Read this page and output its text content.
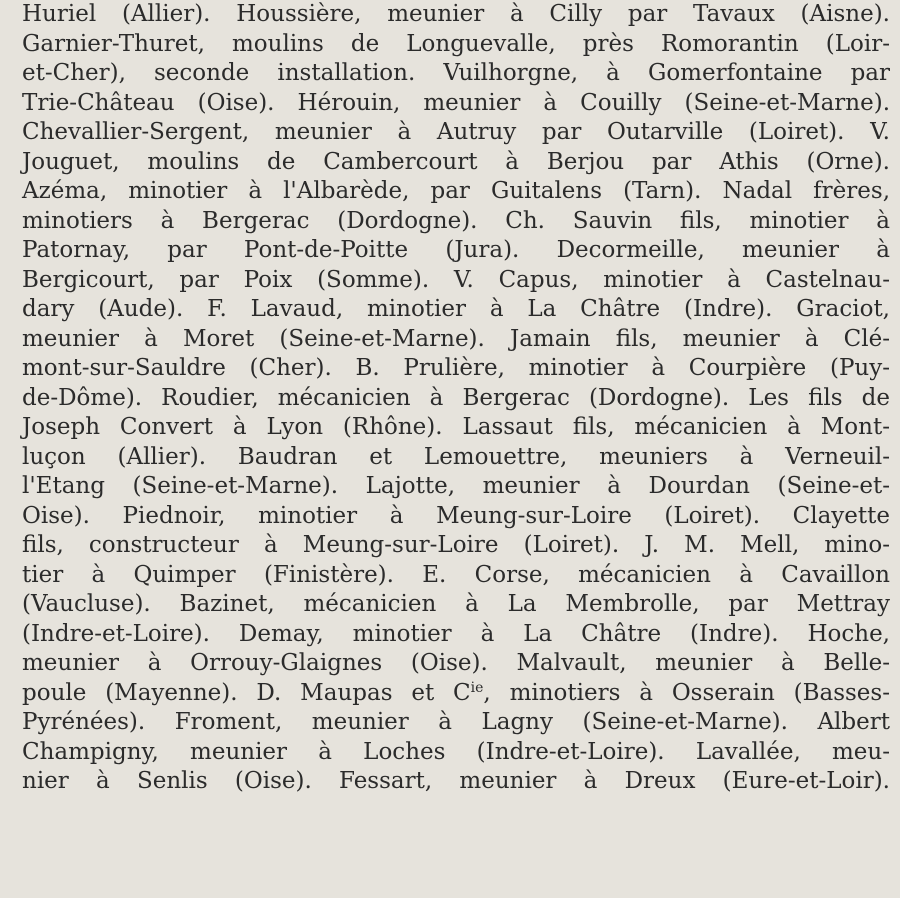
Huriel (Allier). Houssière, meunier à Cilly par Tavaux (Aisne).
Garnier-Thuret, moulins de Longuevalle, près Romorantin (Loir-
et-Cher), seconde installation. Vuilhorgne, à Gomerfontaine par
Trie-Château (Oise). Hérouin, meunier à Couilly (Seine-et-Marne).
Chevallier-Sergent, meunier à Autruy par Outarville (Loiret). V.
Jouguet, moulins de Cambercourt à Berjou par Athis (Orne).
Azéma, minotier à l'Albarède, par Guitalens (Tarn). Nadal frères,
minotiers à Bergerac (Dordogne). Ch. Sauvin fils, minotier à
Patornay, par Pont-de-Poitte (Jura). Decormeille, meunier à
Bergicourt, par Poix (Somme). V. Capus, minotier à Castelnau-
dary (Aude). F. Lavaud, minotier à La Châtre (Indre). Graciot,
meunier à Moret (Seine-et-Marne). Jamain fils, meunier à Clé-
mont-sur-Sauldre (Cher). B. Prulière, minotier à Courpière (Puy-
de-Dôme). Roudier, mécanicien à Bergerac (Dordogne). Les fils de
Joseph Convert à Lyon (Rhône). Lassaut fils, mécanicien à Mont-
luçon (Allier). Baudran et Lemouettre, meuniers à Verneuil-
l'Etang (Seine-et-Marne). Lajotte, meunier à Dourdan (Seine-et-
Oise). Piednoir, minotier à Meung-sur-Loire (Loiret). Clayette
fils, constructeur à Meung-sur-Loire (Loiret). J. M. Mell, mino-
tier à Quimper (Finistère). E. Corse, mécanicien à Cavaillon
(Vaucluse). Bazinet, mécanicien à La Membrolle, par Mettray
(Indre-et-Loire). Demay, minotier à La Châtre (Indre). Hoche,
meunier à Orrouy-Glaignes (Oise). Malvault, meunier à Belle-
poule (Mayenne). D. Maupas et $C^{ie}$, minotiers à Osserain (Basses-
Pyrénées). Froment, meunier à Lagny (Seine-et-Marne). Albert
Champigny, meunier à Loches (Indre-et-Loire). Lavallée, meu-
nier à Senlis (Oise). Fessart, meunier à Dreux (Eure-et-Loir).
